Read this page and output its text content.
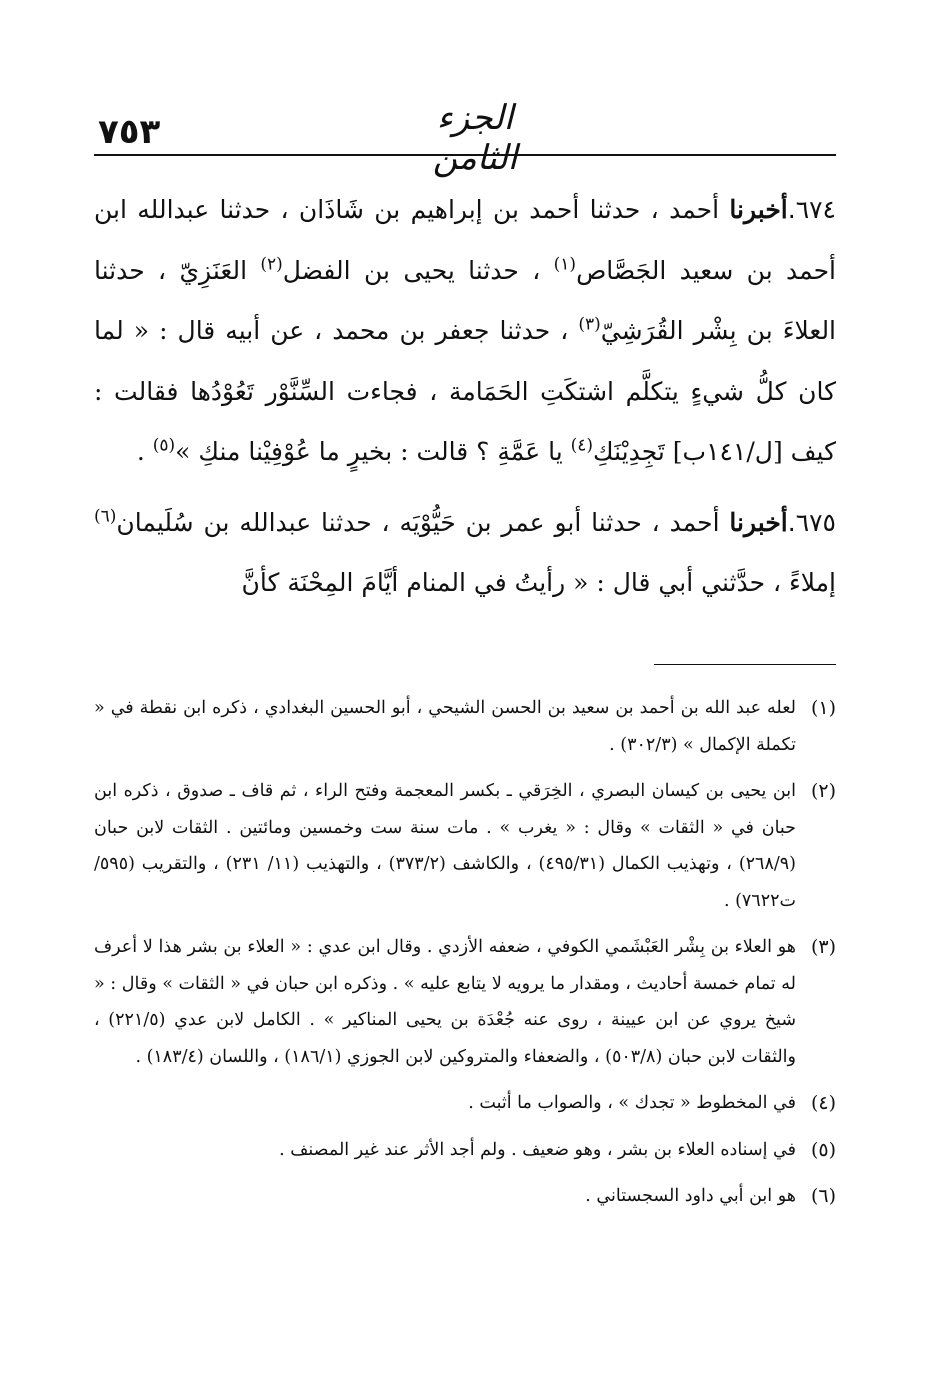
٧٥٣	الجزء الثامن

٦٧٤.أخبرنا أحمد ، حدثنا أحمد بن إبراهيم بن شَاذَان ، حدثنا عبدالله ابن أحمد بن سعيد الجَصَّاص$^{(١)}$ ، حدثنا يحيى بن الفضل$^{(٢)}$ العَنَزِيّ ، حدثنا العلاءَ بن بِشْر القُرَشِيّ$^{(٣)}$ ، حدثنا جعفر بن محمد ، عن أبيه قال : « لما كان كلُّ شيءٍ يتكلَّم اشتكَتِ الحَمَامة ، فجاءت السِّنَّوْر تَعُوْدُها فقالت : كيف [ل/١٤١ب] تَجِدِيْنَكِ$^{(٤)}$ يا عَمَّةِ ؟ قالت : بخيرٍ ما عُوْفِيْنا منكِ »$^{(٥)}$ .

٦٧٥.أخبرنا أحمد ، حدثنا أبو عمر بن حَيُّوْيَه ، حدثنا عبدالله بن سُلَيمان$^{(٦)}$ إملاءً ، حدَّثني أبي قال : « رأيتُ في المنام أيَّامَ المِحْنَة كأنَّ

(١)
لعله عبد الله بن أحمد بن سعيد بن الحسن الشيحي ، أبو الحسين البغدادي ، ذكره ابن نقطة في « تكملة الإكمال » (٣٠٢/٣) .
(٢)
ابن يحيى بن كيسان البصري ، الخِرَقي ـ بكسر المعجمة وفتح الراء ، ثم قاف ـ صدوق ، ذكره ابن حبان في « الثقات » وقال : « يغرب » . مات سنة ست وخمسين ومائتين . الثقات لابن حبان (٢٦٨/٩) ، وتهذيب الكمال (٤٩٥/٣١) ، والكاشف (٣٧٣/٢) ، والتهذيب (١١/ ٢٣١) ، والتقريب (٥٩٥/ت٧٦٢٢) .
(٣)
هو العلاء بن بِشْر العَبْشَمي الكوفي ، ضعفه الأزدي . وقال ابن عدي : « العلاء بن بشر هذا لا أعرف له تمام خمسة أحاديث ، ومقدار ما يرويه لا يتابع عليه » . وذكره ابن حبان في « الثقات » وقال : « شيخ يروي عن ابن عيينة ، روى عنه جُعْدَة بن يحيى المناكير » . الكامل لابن عدي (٢٢١/٥) ، والثقات لابن حبان (٥٠٣/٨) ، والضعفاء والمتروكين لابن الجوزي (١٨٦/١) ، واللسان (١٨٣/٤) .
(٤)
في المخطوط « تجدك » ، والصواب ما أثبت .
(٥)
في إسناده العلاء بن بشر ، وهو ضعيف . ولم أجد الأثر عند غير المصنف .
(٦)
هو ابن أبي داود السجستاني .
